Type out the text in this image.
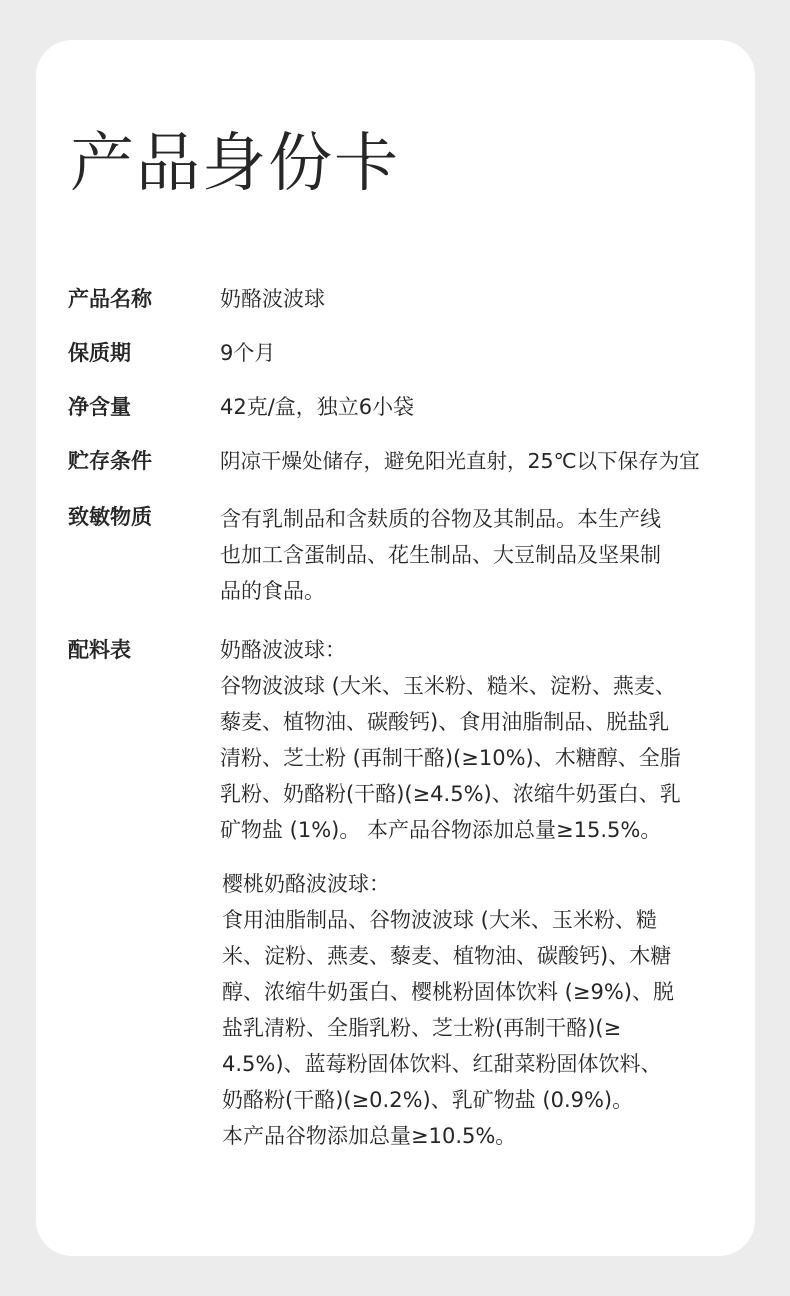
产品身份卡
产品名称	奶酪波波球
保质期	9个月
净含量	42克/盒，独立6小袋
贮存条件	阴凉干燥处储存，避免阳光直射，25℃以下保存为宜
致敏物质	含有乳制品和含麸质的谷物及其制品。本生产线
也加工含蛋制品、花生制品、大豆制品及坚果制
品的食品。
配料表	奶酪波波球：
谷物波波球 (大米、玉米粉、糙米、淀粉、燕麦、
藜麦、植物油、碳酸钙)、食用油脂制品、脱盐乳
清粉、芝士粉 (再制干酪)(≥10%)、木糖醇、全脂
乳粉、奶酪粉(干酪)(≥4.5%)、浓缩牛奶蛋白、乳
矿物盐 (1%)。 本产品谷物添加总量≥15.5%。
樱桃奶酪波波球：
食用油脂制品、谷物波波球 (大米、玉米粉、糙
米、淀粉、燕麦、藜麦、植物油、碳酸钙)、木糖
醇、浓缩牛奶蛋白、樱桃粉固体饮料 (≥9%)、脱
盐乳清粉、全脂乳粉、芝士粉(再制干酪)(≥
4.5%)、蓝莓粉固体饮料、红甜菜粉固体饮料、
奶酪粉(干酪)(≥0.2%)、乳矿物盐 (0.9%)。
本产品谷物添加总量≥10.5%。
